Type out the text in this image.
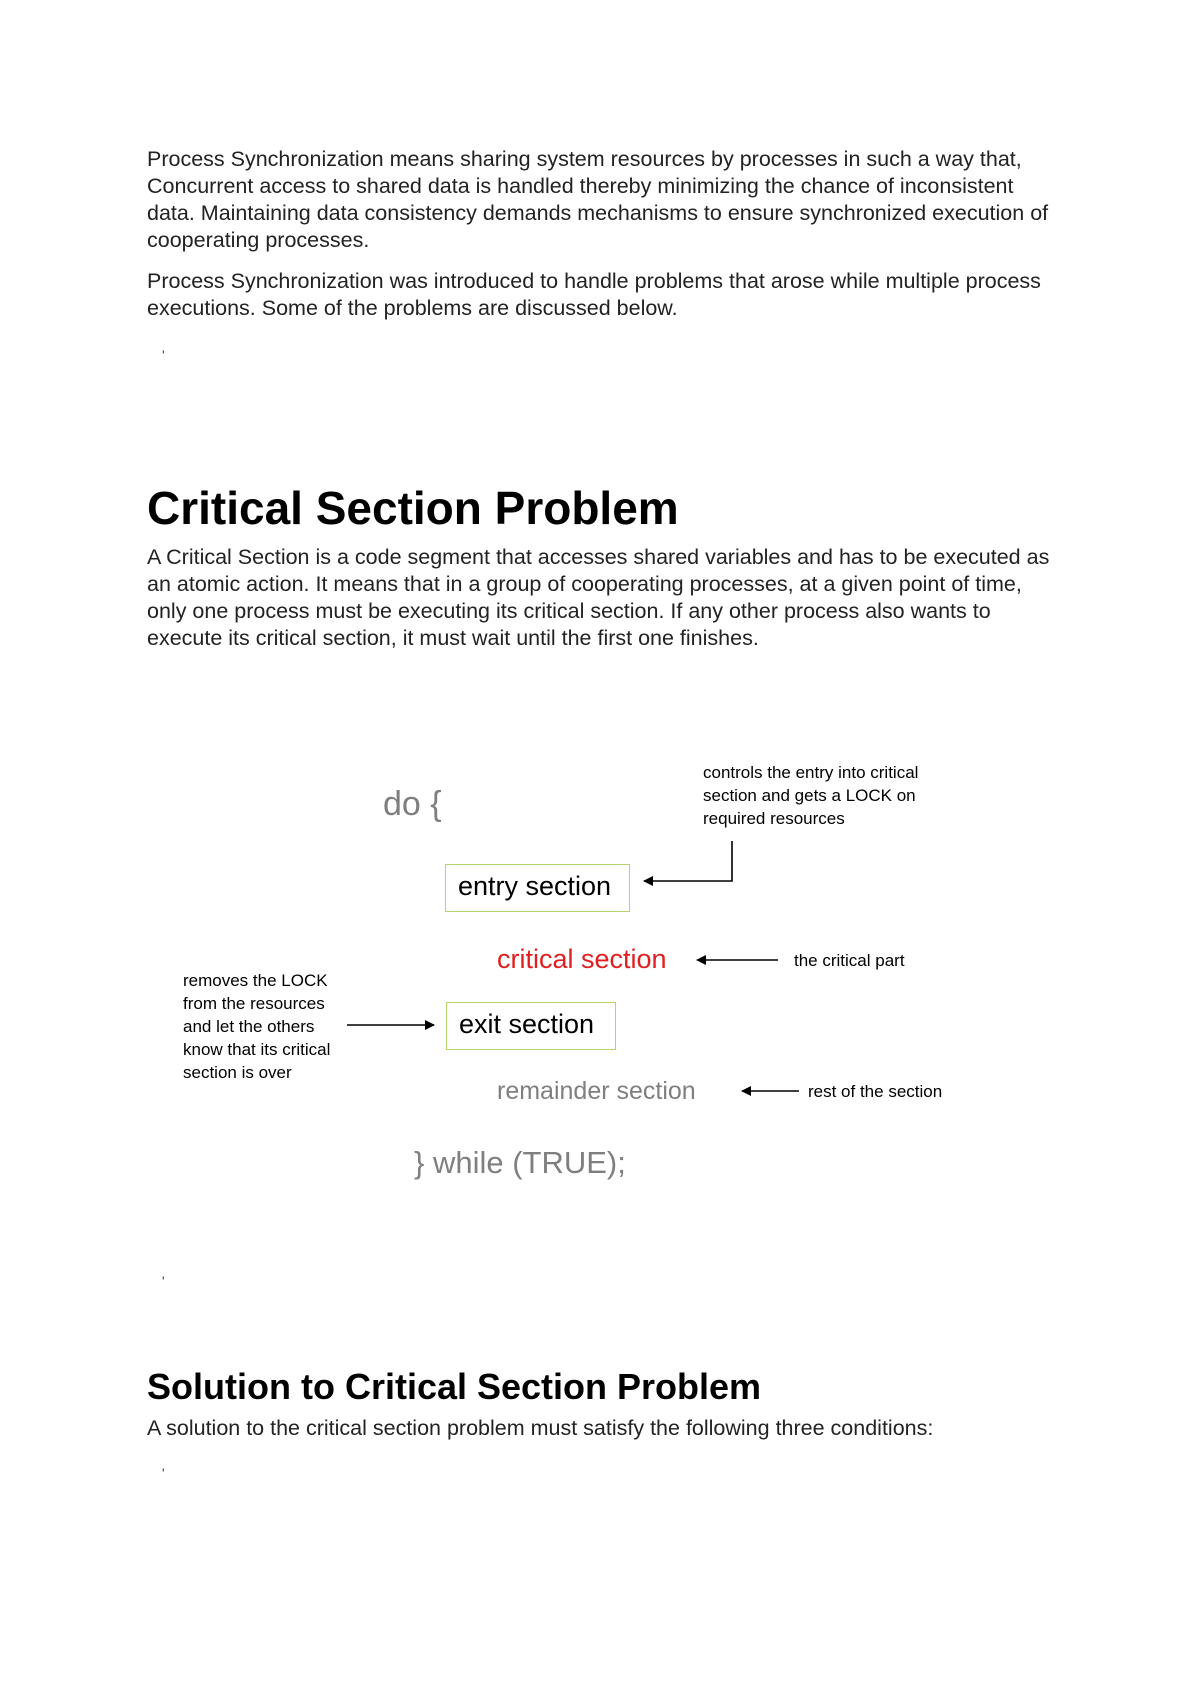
Process Synchronization means sharing system resources by processes in such a way that, Concurrent access to shared data is handled thereby minimizing the chance of inconsistent data. Maintaining data consistency demands mechanisms to ensure synchronized execution of cooperating processes.

Process Synchronization was introduced to handle problems that arose while multiple process executions. Some of the problems are discussed below.

'
Critical Section Problem

A Critical Section is a code segment that accesses shared variables and has to be executed as an atomic action. It means that in a group of cooperating processes, at a given point of time, only one process must be executing its critical section. If any other process also wants to execute its critical section, it must wait until the first one finishes.

do {
entry section
critical section
exit section
remainder section
} while (TRUE);
controls the entry into critical
section and gets a LOCK on
required resources
the critical part
removes the LOCK
from the resources
and let the others
know that its critical
section is over
rest of the section
'
Solution to Critical Section Problem

A solution to the critical section problem must satisfy the following three conditions:

'
